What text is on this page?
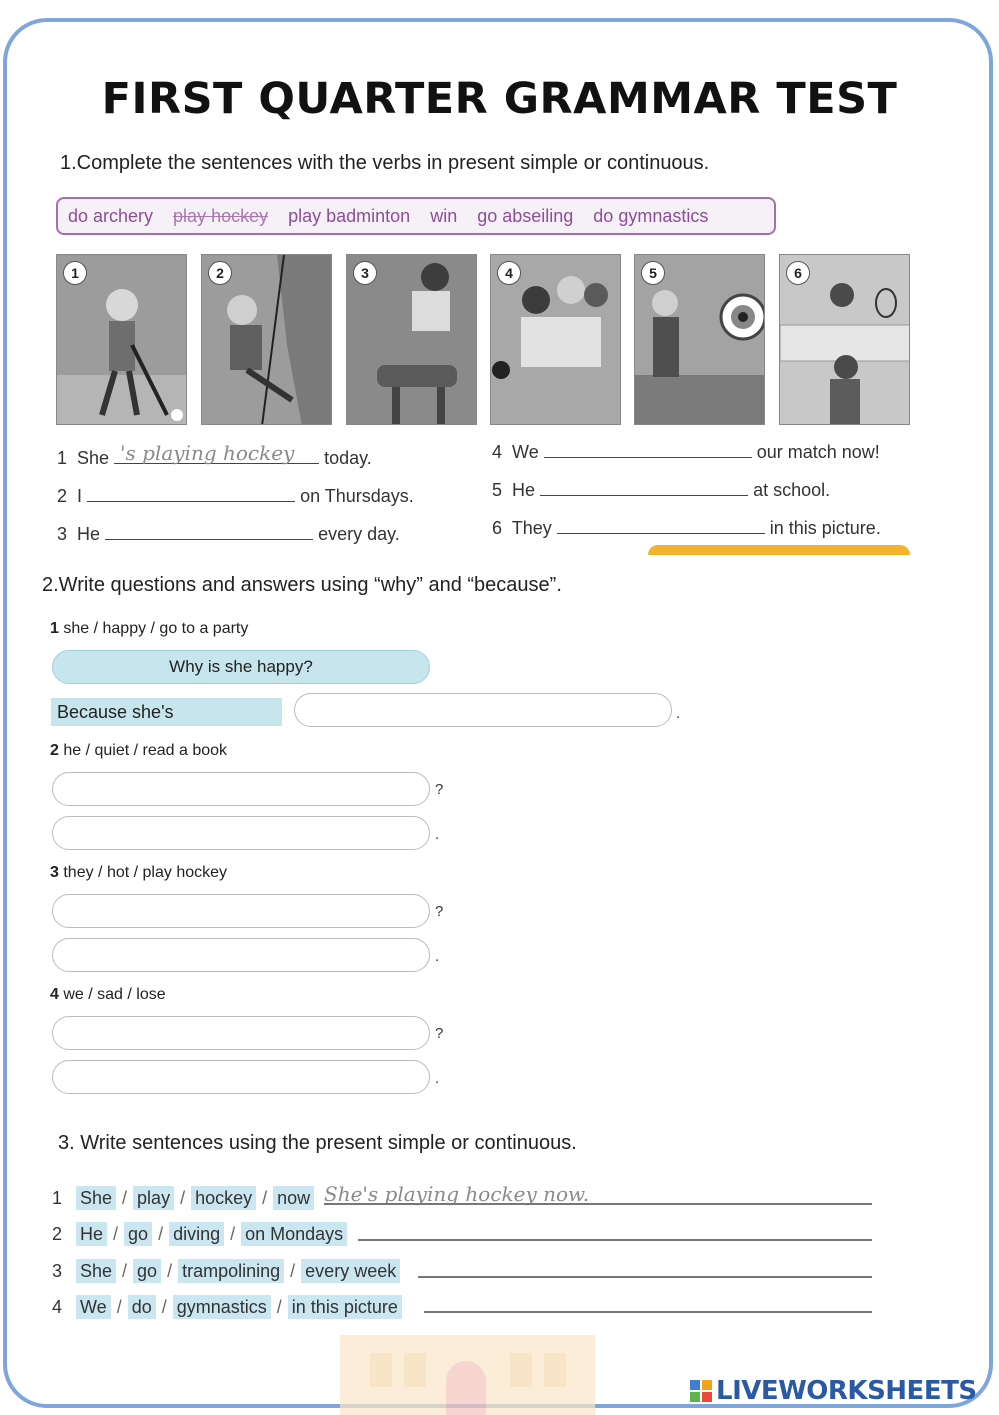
FIRST QUARTER GRAMMAR TEST
1.Complete the sentences with the verbs in present simple or continuous.
do archery play hockey play badminton win go abseiling do gymnastics
1	2	3	4	5	6
1 She	today.
's playing hockey
2 I	on Thursdays.
3 He	every day.
4 We	our match now!
5 He	at school.
6 They	in this picture.
2.Write questions and answers using “why” and “because”.
1 she / happy / go to a party
Why is she happy?
Because she's	.
2 he / quiet / read a book
?
.
3 they / hot / play hockey
?
.
4 we / sad / lose
?
.
3. Write sentences using the present simple or continuous.
1 She / play / hockey / now She's playing hockey now.
2 He / go / diving / on Mondays
3 She / go / trampolining / every week
4 We / do / gymnastics / in this picture
LIVEWORKSHEETS
